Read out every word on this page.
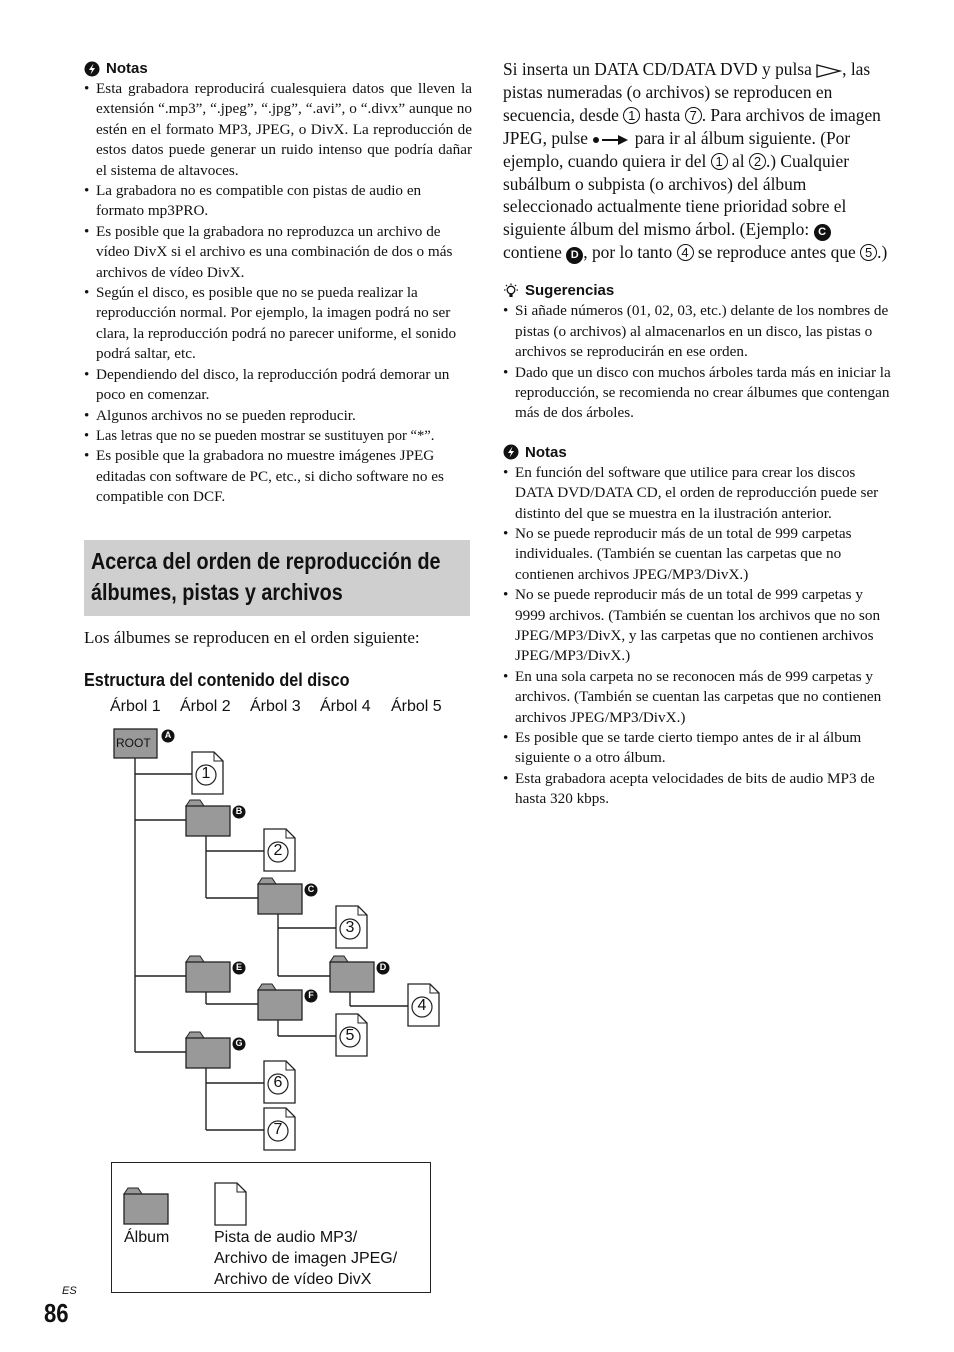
Notas
• Esta grabadora reproducirá cualesquiera datos que lleven la extensión “.mp3”, “.jpeg”, “.jpg”, “.avi”, o “.divx” aunque no estén en el formato MP3, JPEG, o DivX. La reproducción de estos datos puede generar un ruido intenso que podría dañar el sistema de altavoces.
• La grabadora no es compatible con pistas de audio en formato mp3PRO.
• Es posible que la grabadora no reproduzca un archivo de vídeo DivX si el archivo es una combinación de dos o más archivos de vídeo DivX.
• Según el disco, es posible que no se pueda realizar la reproducción normal. Por ejemplo, la imagen podrá no ser clara, la reproducción podrá no parecer uniforme, el sonido podrá saltar, etc.
• Dependiendo del disco, la reproducción podrá demorar un poco en comenzar.
• Algunos archivos no se pueden reproducir.
• Las letras que no se pueden mostrar se sustituyen por “*”.
• Es posible que la grabadora no muestre imágenes JPEG editadas con software de PC, etc., si dicho software no es compatible con DCF.
Acerca del orden de reproducción de álbumes, pistas y archivos
Los álbumes se reproducen en el orden siguiente:
Estructura del contenido del disco
Árbol 1 Árbol 2 Árbol 3 Árbol 4 Árbol 5
ROOT
1
2
3
4
5
6
7
A
B
C
D
E
F
G
Álbum	Pista de audio MP3/
Archivo de imagen JPEG/
Archivo de vídeo DivX

Si inserta un DATA CD/DATA DVD y pulsa , las pistas numeradas (o archivos) se reproducen en secuencia, desde 1 hasta 7 . Para archivos de imagen JPEG, pulse	para ir al álbum siguiente. (Por ejemplo, cuando quiera ir del 1 al 2 .) Cualquier subálbum o subpista (o archivos) del álbum seleccionado actualmente tiene prioridad sobre el siguiente álbum del mismo árbol. (Ejemplo: C contiene D , por lo tanto 4 se reproduce antes que 5 .)

Sugerencias
• Si añade números (01, 02, 03, etc.) delante de los nombres de pistas (o archivos) al almacenarlos en un disco, las pistas o archivos se reproducirán en ese orden.
• Dado que un disco con muchos árboles tarda más en iniciar la reproducción, se recomienda no crear álbumes que contengan más de dos árboles.
Notas
• En función del software que utilice para crear los discos DATA DVD/DATA CD, el orden de reproducción puede ser distinto del que se muestra en la ilustración anterior.
• No se puede reproducir más de un total de 999 carpetas individuales. (También se cuentan las carpetas que no contienen archivos JPEG/MP3/DivX.)
• No se puede reproducir más de un total de 999 carpetas y 9999 archivos. (También se cuentan los archivos que no son JPEG/MP3/DivX, y las carpetas que no contienen archivos JPEG/MP3/DivX.)
• En una sola carpeta no se reconocen más de 999 carpetas y archivos. (También se cuentan las carpetas que no contienen archivos JPEG/MP3/DivX.)
• Es posible que se tarde cierto tiempo antes de ir al álbum siguiente o a otro álbum.
• Esta grabadora acepta velocidades de bits de audio MP3 de hasta 320 kbps.
ES
86
